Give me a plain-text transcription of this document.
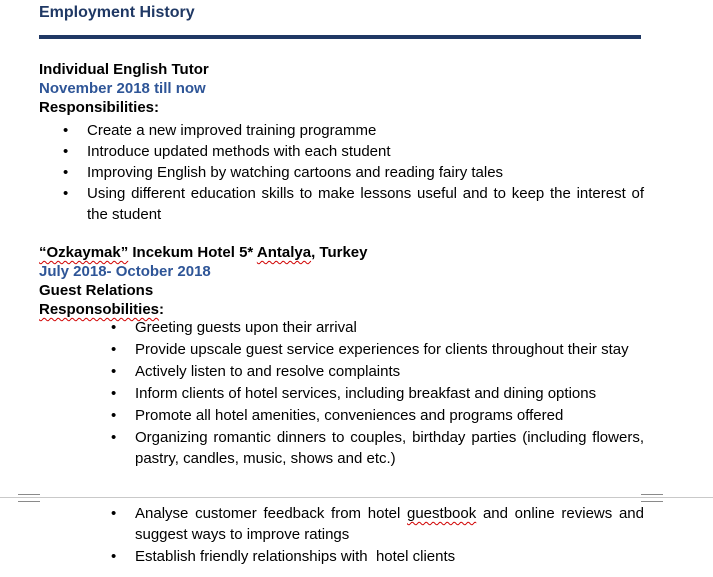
Employment History
Individual English Tutor
November 2018 till now
Responsibilities:
• Create a new improved training programme
• Introduce updated methods with each student
• Improving English by watching cartoons and reading fairy tales
• Using different education skills to make lessons useful and to keep the interest of the student
“Ozkaymak” Incekum Hotel 5* Antalya, Turkey
July 2018- October 2018
Guest Relations
Responsobilities:
• Greeting guests upon their arrival
• Provide upscale guest service experiences for clients throughout their stay
• Actively listen to and resolve complaints
• Inform clients of hotel services, including breakfast and dining options
• Promote all hotel amenities, conveniences and programs offered
• Organizing romantic dinners to couples, birthday parties (including flowers, pastry, candles, music, shows and etc.)
• Analyse customer feedback from hotel guestbook and online reviews and suggest ways to improve ratings
• Establish friendly relationships with  hotel clients
